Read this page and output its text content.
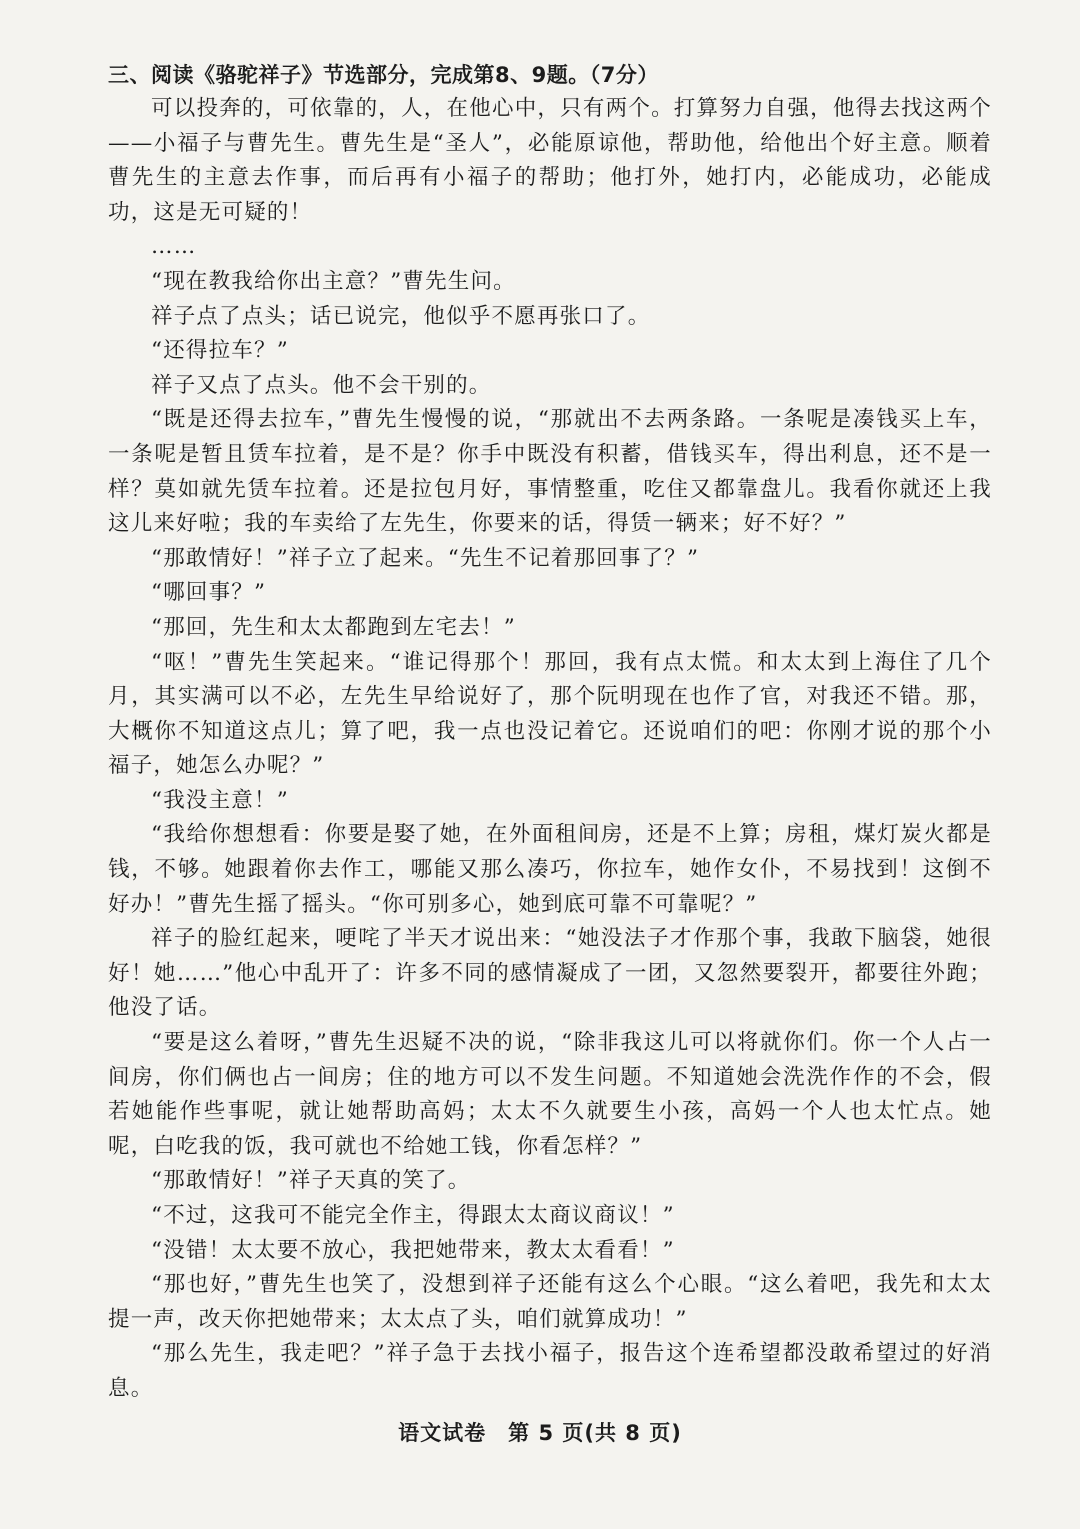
三、阅读《骆驼祥子》节选部分，完成第8、9题。（7分）

可以投奔的，可依靠的，人，在他心中，只有两个。打算努力自强，他得去找这两个——小福子与曹先生。曹先生是“圣人”，必能原谅他，帮助他，给他出个好主意。顺着曹先生的主意去作事，而后再有小福子的帮助；他打外，她打内，必能成功，必能成功，这是无可疑的！

……

“现在教我给你出主意？”曹先生问。

祥子点了点头；话已说完，他似乎不愿再张口了。

“还得拉车？”

祥子又点了点头。他不会干别的。

“既是还得去拉车，”曹先生慢慢的说，“那就出不去两条路。一条呢是凑钱买上车，一条呢是暂且赁车拉着，是不是？你手中既没有积蓄，借钱买车，得出利息，还不是一样？莫如就先赁车拉着。还是拉包月好，事情整重，吃住又都靠盘儿。我看你就还上我这儿来好啦；我的车卖给了左先生，你要来的话，得赁一辆来；好不好？”

“那敢情好！”祥子立了起来。“先生不记着那回事了？”

“哪回事？”

“那回，先生和太太都跑到左宅去！”

“呕！”曹先生笑起来。“谁记得那个！那回，我有点太慌。和太太到上海住了几个月，其实满可以不必，左先生早给说好了，那个阮明现在也作了官，对我还不错。那，大概你不知道这点儿；算了吧，我一点也没记着它。还说咱们的吧：你刚才说的那个小福子，她怎么办呢？”

“我没主意！”

“我给你想想看：你要是娶了她，在外面租间房，还是不上算；房租，煤灯炭火都是钱，不够。她跟着你去作工，哪能又那么凑巧，你拉车，她作女仆，不易找到！这倒不好办！”曹先生摇了摇头。“你可别多心，她到底可靠不可靠呢？”

祥子的脸红起来，哽咤了半天才说出来：“她没法子才作那个事，我敢下脑袋，她很好！她……”他心中乱开了：许多不同的感情凝成了一团，又忽然要裂开，都要往外跑；他没了话。

“要是这么着呀，”曹先生迟疑不决的说，“除非我这儿可以将就你们。你一个人占一间房，你们俩也占一间房；住的地方可以不发生问题。不知道她会洗洗作作的不会，假若她能作些事呢，就让她帮助高妈；太太不久就要生小孩，高妈一个人也太忙点。她呢，白吃我的饭，我可就也不给她工钱，你看怎样？”

“那敢情好！”祥子天真的笑了。

“不过，这我可不能完全作主，得跟太太商议商议！”

“没错！太太要不放心，我把她带来，教太太看看！”

“那也好，”曹先生也笑了，没想到祥子还能有这么个心眼。“这么着吧，我先和太太提一声，改天你把她带来；太太点了头，咱们就算成功！”

“那么先生，我走吧？”祥子急于去找小福子，报告这个连希望都没敢希望过的好消息。

语文试卷　第 5 页(共 8 页)
